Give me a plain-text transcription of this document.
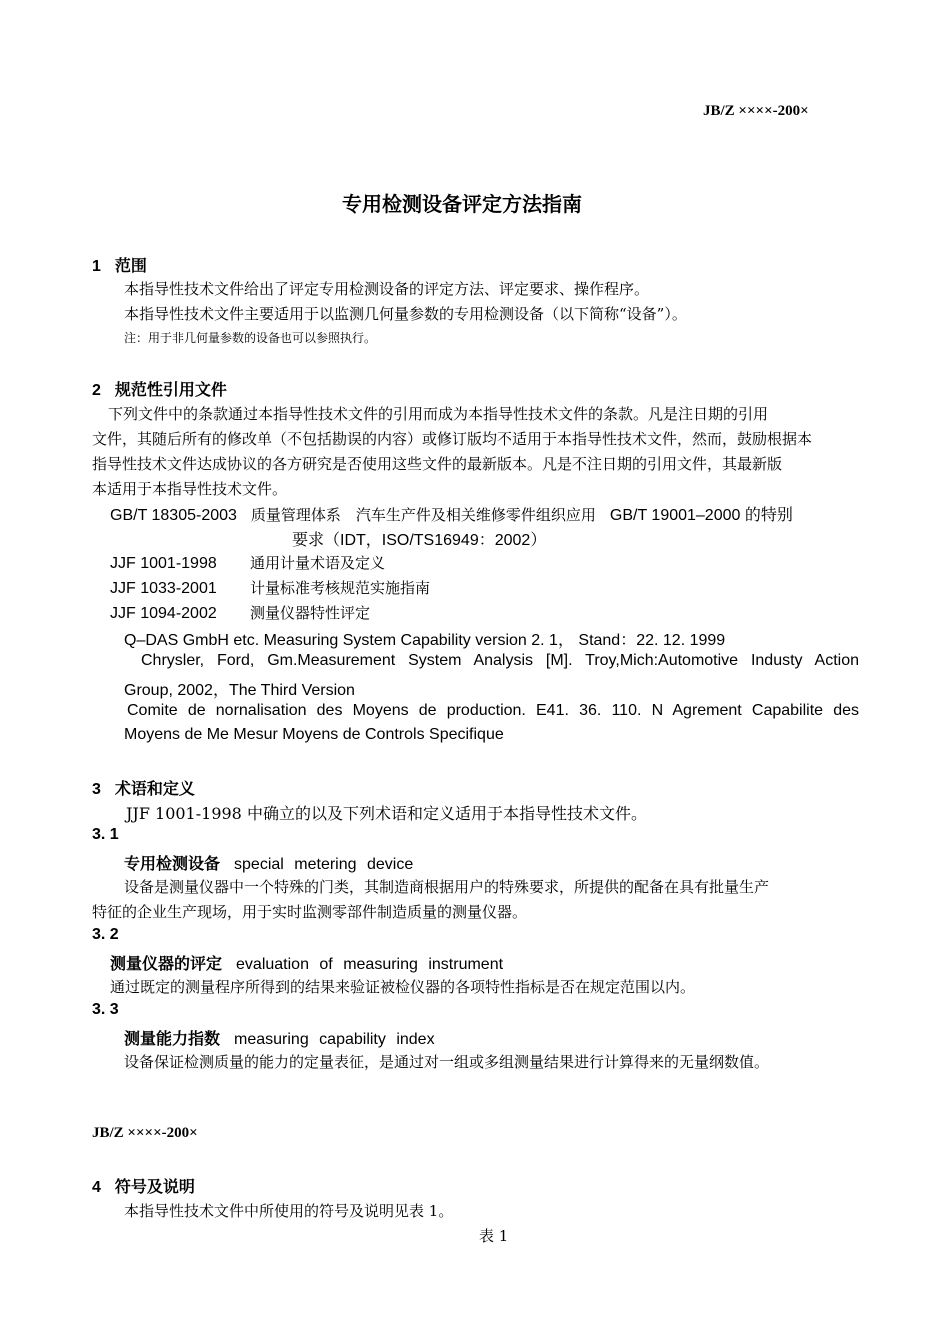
JB/Z ××××-200×
专用检测设备评定方法指南
1 范围
本指导性技术文件给出了评定专用检测设备的评定方法、评定要求、操作程序。
本指导性技术文件主要适用于以监测几何量参数的专用检测设备（以下简称“设备”）。
注：用于非几何量参数的设备也可以参照执行。
2 规范性引用文件
下列文件中的条款通过本指导性技术文件的引用而成为本指导性技术文件的条款。凡是注日期的引用
文件，其随后所有的修改单（不包括勘误的内容）或修订版均不适用于本指导性技术文件，然而，鼓励根据本
指导性技术文件达成协议的各方研究是否使用这些文件的最新版本。凡是不注日期的引用文件，其最新版
本适用于本指导性技术文件。
GB/T 18305-2003 质量管理体系　汽车生产件及相关维修零件组织应用 GB/T 19001–2000 的特别
要求（IDT，ISO/TS16949：2002）
JJF 1001-1998 通用计量术语及定义
JJF 1033-2001 计量标准考核规范实施指南
JJF 1094-2002 测量仪器特性评定
Q–DAS GmbH etc. Measuring System Capability version 2. 1， Stand：22. 12. 1999
Chrysler, Ford, Gm.Measurement System Analysis [M]. Troy,Mich:Automotive Industy Action
Group, 2002，The Third Version
Comite de nornalisation des Moyens de production. E41. 36. 110. N Agrement Capabilite des
Moyens de Me Mesur Moyens de Controls Specifique
3 术语和定义
JJF 1001-1998 中确立的以及下列术语和定义适用于本指导性技术文件。
3. 1
专用检测设备 special metering device
设备是测量仪器中一个特殊的门类，其制造商根据用户的特殊要求，所提供的配备在具有批量生产
特征的企业生产现场，用于实时监测零部件制造质量的测量仪器。
3. 2
测量仪器的评定 evaluation of measuring instrument
通过既定的测量程序所得到的结果来验证被检仪器的各项特性指标是否在规定范围以内。
3. 3
测量能力指数 measuring capability index
设备保证检测质量的能力的定量表征，是通过对一组或多组测量结果进行计算得来的无量纲数值。
JB/Z ××××-200×
4 符号及说明
本指导性技术文件中所使用的符号及说明见表 1。
表 1
